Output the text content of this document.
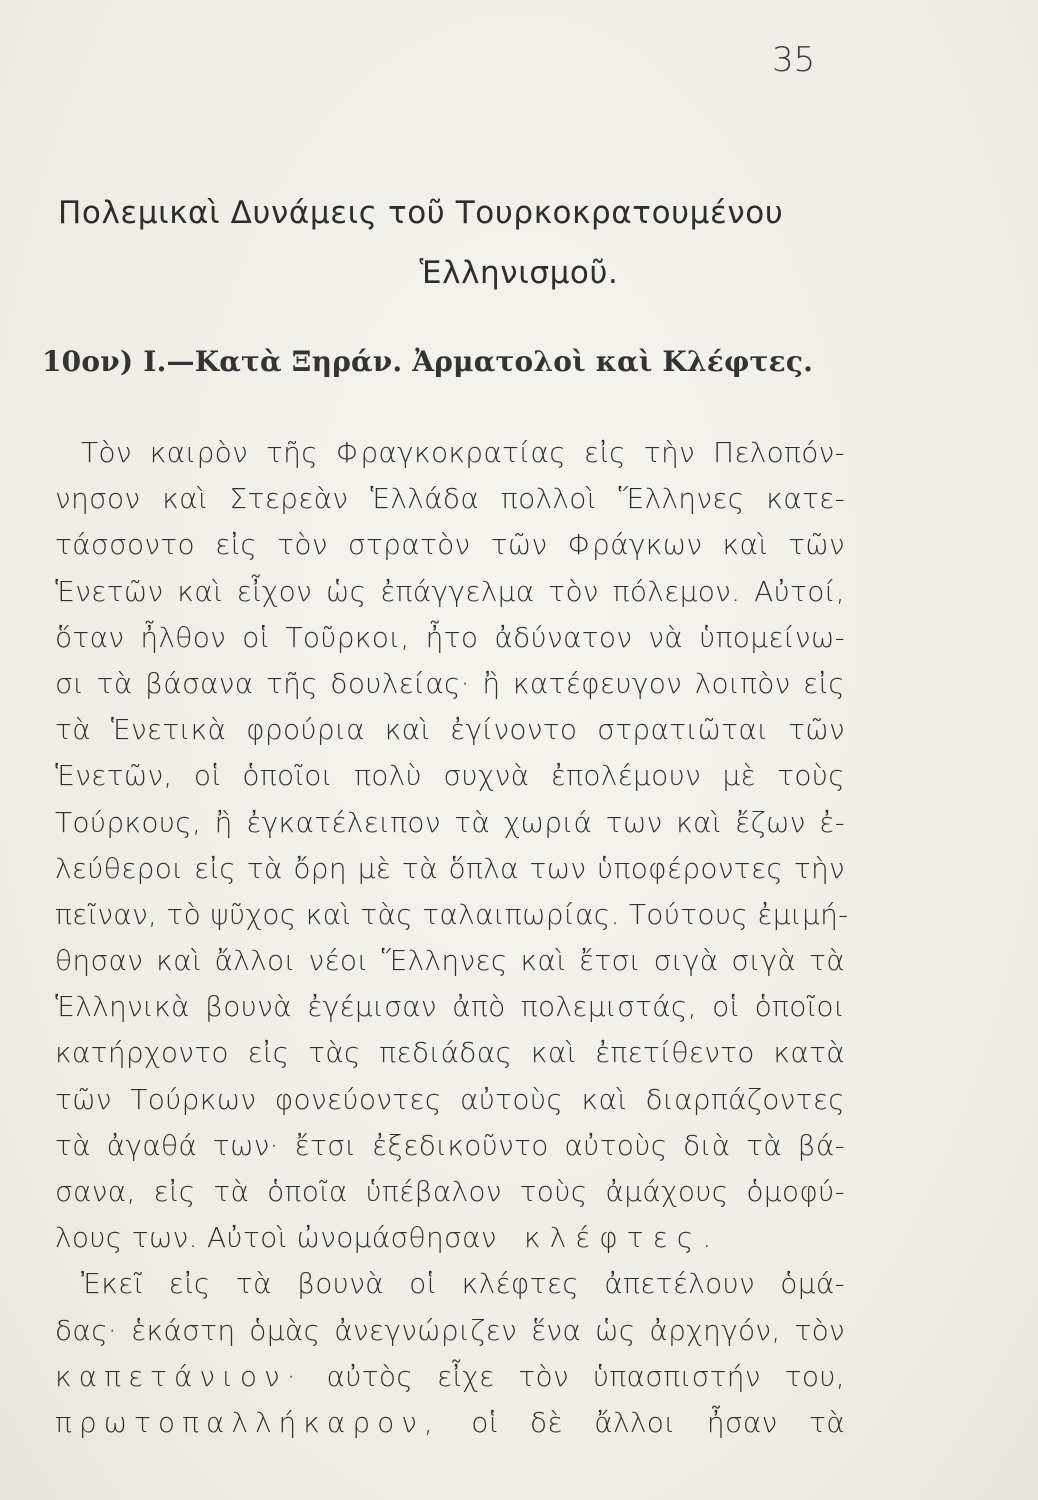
35
Πολεμικαὶ Δυνάμεις τοῦ Τουρκοκρατουμένου
Ἑλληνισμοῦ.
10ον) I.—Κατὰ Ξηράν. Ἀρματολοὶ καὶ Κλέφτες.
Τὸν καιρὸν τῆς Φραγκοκρατίας εἰς τὴν Πελοπόν-
νησον καὶ Στερεὰν Ἑλλάδα πολλοὶ Ἕλληνες κατε-
τάσσοντο εἰς τὸν στρατὸν τῶν Φράγκων καὶ τῶν
Ἑνετῶν καὶ εἶχον ὡς ἐπάγγελμα τὸν πόλεμον. Αὐτοί,
ὅταν ἦλθον οἱ Τοῦρκοι, ἦτο ἀδύνατον νὰ ὑπομείνω-
σι τὰ βάσανα τῆς δουλείας· ἢ κατέφευγον λοιπὸν εἰς
τὰ Ἑνετικὰ φρούρια καὶ ἐγίνοντο στρατιῶται τῶν
Ἑνετῶν, οἱ ὁποῖοι πολὺ συχνὰ ἐπολέμουν μὲ τοὺς
Τούρκους, ἢ ἐγκατέλειπον τὰ χωριά των καὶ ἔζων ἐ-
λεύθεροι εἰς τὰ ὄρη μὲ τὰ ὅπλα των ὑποφέροντες τὴν
πεῖναν, τὸ ψῦχος καὶ τὰς ταλαιπωρίας. Τούτους ἐμιμή-
θησαν καὶ ἄλλοι νέοι Ἕλληνες καὶ ἔτσι σιγὰ σιγὰ τὰ
Ἑλληνικὰ βουνὰ ἐγέμισαν ἀπὸ πολεμιστάς, οἱ ὁποῖοι
κατήρχοντο εἰς τὰς πεδιάδας καὶ ἐπετίθεντο κατὰ
τῶν Τούρκων φονεύοντες αὐτοὺς καὶ διαρπάζοντες
τὰ ἀγαθά των· ἔτσι ἐξεδικοῦντο αὐτοὺς διὰ τὰ βά-
σανα, εἰς τὰ ὁποῖα ὑπέβαλον τοὺς ἀμάχους ὁμοφύ-
λους των. Αὐτοὶ ὠνομάσθησαν κλέφτες.
Ἐκεῖ εἰς τὰ βουνὰ οἱ κλέφτες ἀπετέλουν ὁμά-
δας· ἑκάστη ὁμὰς ἀνεγνώριζεν ἕνα ὡς ἀρχηγόν, τὸν
καπετάνιον· αὐτὸς εἶχε τὸν ὑπασπιστήν του,
πρωτοπαλλήκαρον, οἱ δὲ ἄλλοι ἦσαν τὰ
